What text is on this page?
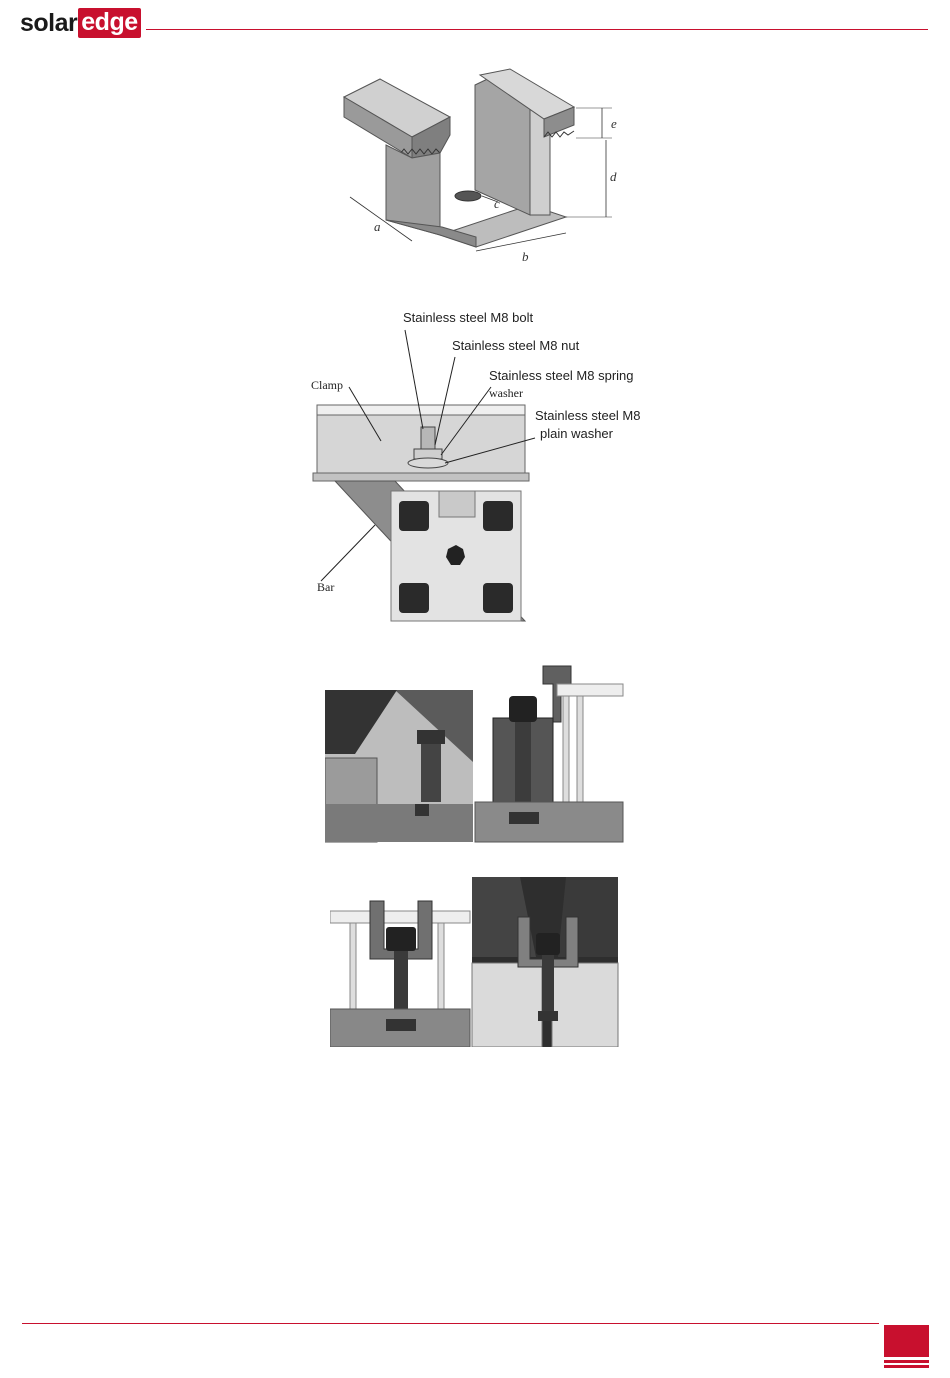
solar edge
e
d
a
b
c
Stainless steel M8 bolt
Stainless steel M8 nut
Stainless steel M8 spring
washer
Stainless steel M8
plain washer
Clamp
Bar
